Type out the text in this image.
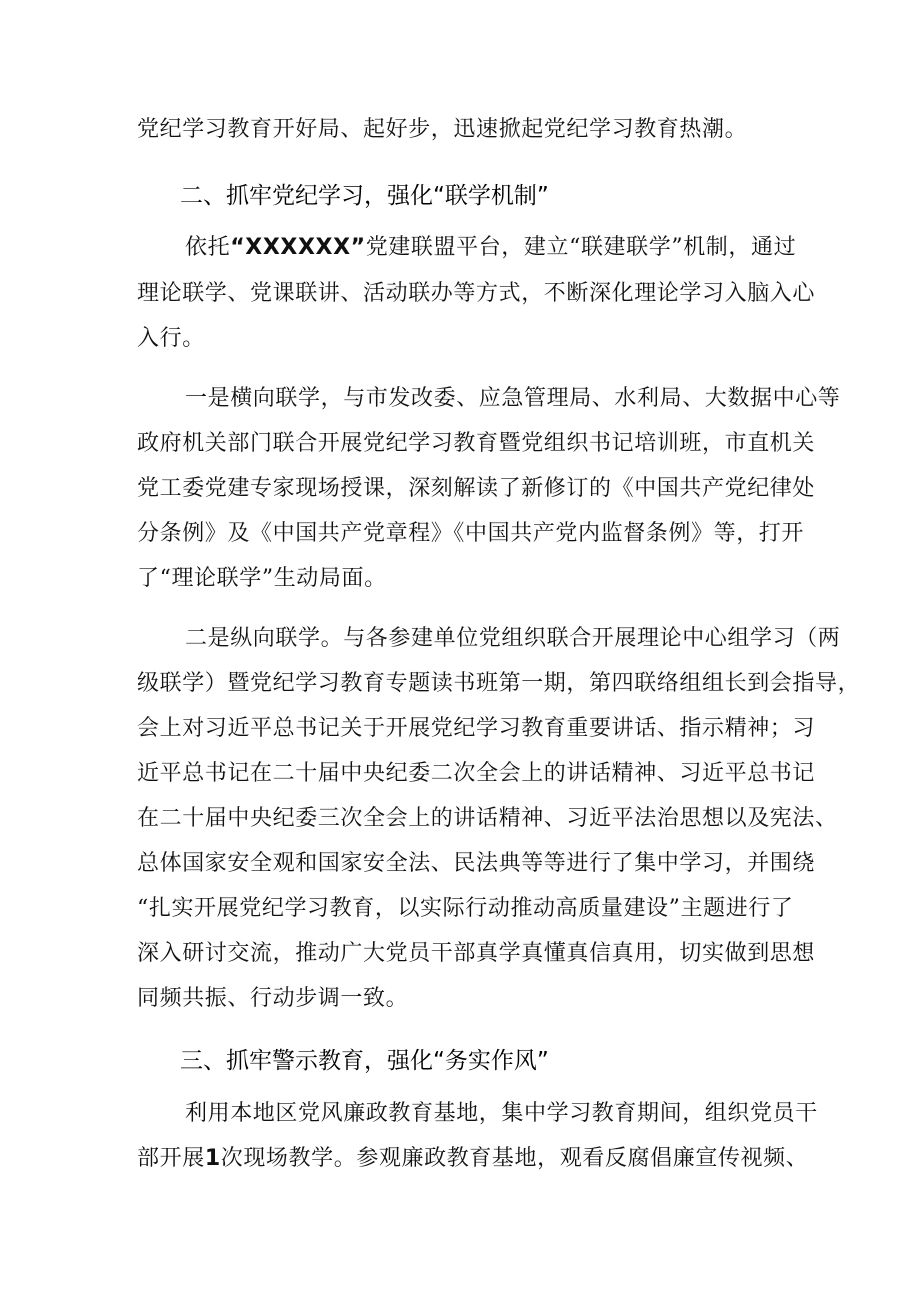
党纪学习教育开好局、起好步，迅速掀起党纪学习教育热潮。
二、抓牢党纪学习，强化“联学机制”
依托“XXXXXX”党建联盟平台，建立“联建联学”机制，通过
理论联学、党课联讲、活动联办等方式，不断深化理论学习入脑入心
入行。
一是横向联学，与市发改委、应急管理局、水利局、大数据中心等
政府机关部门联合开展党纪学习教育暨党组织书记培训班，市直机关
党工委党建专家现场授课，深刻解读了新修订的《中国共产党纪律处
分条例》及《中国共产党章程》《中国共产党内监督条例》等，打开
了“理论联学”生动局面。
二是纵向联学。与各参建单位党组织联合开展理论中心组学习（两
级联学）暨党纪学习教育专题读书班第一期，第四联络组组长到会指导，
会上对习近平总书记关于开展党纪学习教育重要讲话、指示精神；习
近平总书记在二十届中央纪委二次全会上的讲话精神、习近平总书记
在二十届中央纪委三次全会上的讲话精神、习近平法治思想以及宪法、
总体国家安全观和国家安全法、民法典等等进行了集中学习，并围绕
“扎实开展党纪学习教育，以实际行动推动高质量建设”主题进行了
深入研讨交流，推动广大党员干部真学真懂真信真用，切实做到思想
同频共振、行动步调一致。
三、抓牢警示教育，强化“务实作风”
利用本地区党风廉政教育基地，集中学习教育期间，组织党员干
部开展1次现场教学。参观廉政教育基地，观看反腐倡廉宣传视频、
